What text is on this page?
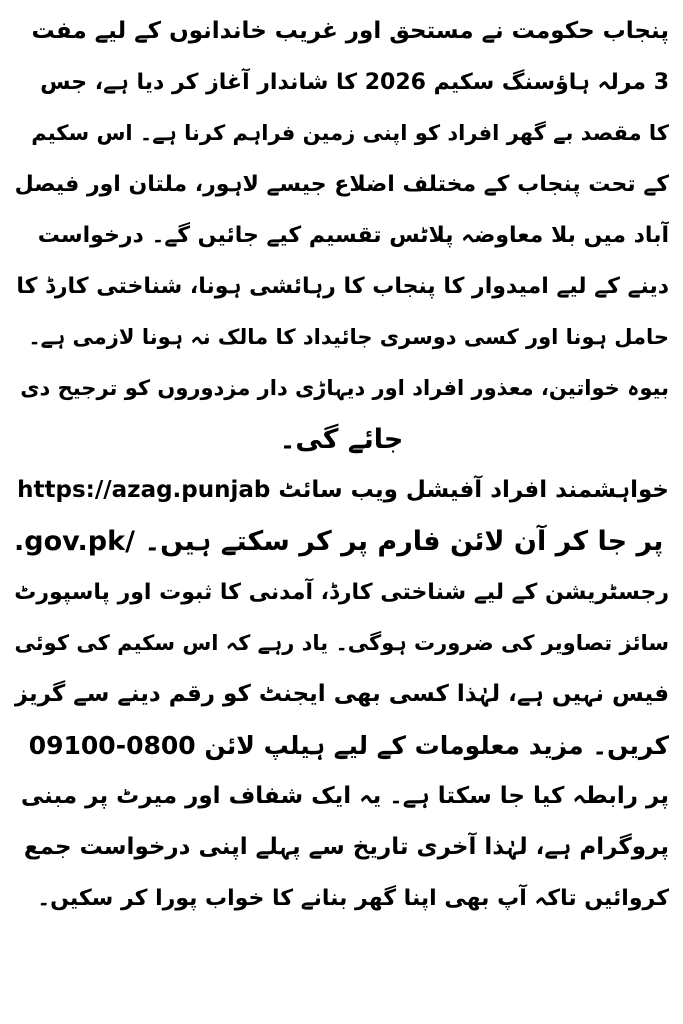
پنجاب حکومت نے مستحق اور غریب خاندانوں کے لیے مفت
3 مرلہ ہاؤسنگ سکیم 2026 کا شاندار آغاز کر دیا ہے، جس
کا مقصد بے گھر افراد کو اپنی زمین فراہم کرنا ہے۔ اس سکیم
کے تحت پنجاب کے مختلف اضلاع جیسے لاہور، ملتان اور فیصل
آباد میں بلا معاوضہ پلاٹس تقسیم کیے جائیں گے۔ درخواست
دینے کے لیے امیدوار کا پنجاب کا رہائشی ہونا، شناختی کارڈ کا
حامل ہونا اور کسی دوسری جائیداد کا مالک نہ ہونا لازمی ہے۔
بیوہ خواتین، معذور افراد اور دیہاڑی دار مزدوروں کو ترجیح دی
جائے گی۔
خواہشمند افراد آفیشل ویب سائٹ https://azag.punjab
.gov.pk/ پر جا کر آن لائن فارم پر کر سکتے ہیں۔
رجسٹریشن کے لیے شناختی کارڈ، آمدنی کا ثبوت اور پاسپورٹ
سائز تصاویر کی ضرورت ہوگی۔ یاد رہے کہ اس سکیم کی کوئی
فیس نہیں ہے، لہٰذا کسی بھی ایجنٹ کو رقم دینے سے گریز
کریں۔ مزید معلومات کے لیے ہیلپ لائن 0800-09100
پر رابطہ کیا جا سکتا ہے۔ یہ ایک شفاف اور میرٹ پر مبنی
پروگرام ہے، لہٰذا آخری تاریخ سے پہلے اپنی درخواست جمع
کروائیں تاکہ آپ بھی اپنا گھر بنانے کا خواب پورا کر سکیں۔
